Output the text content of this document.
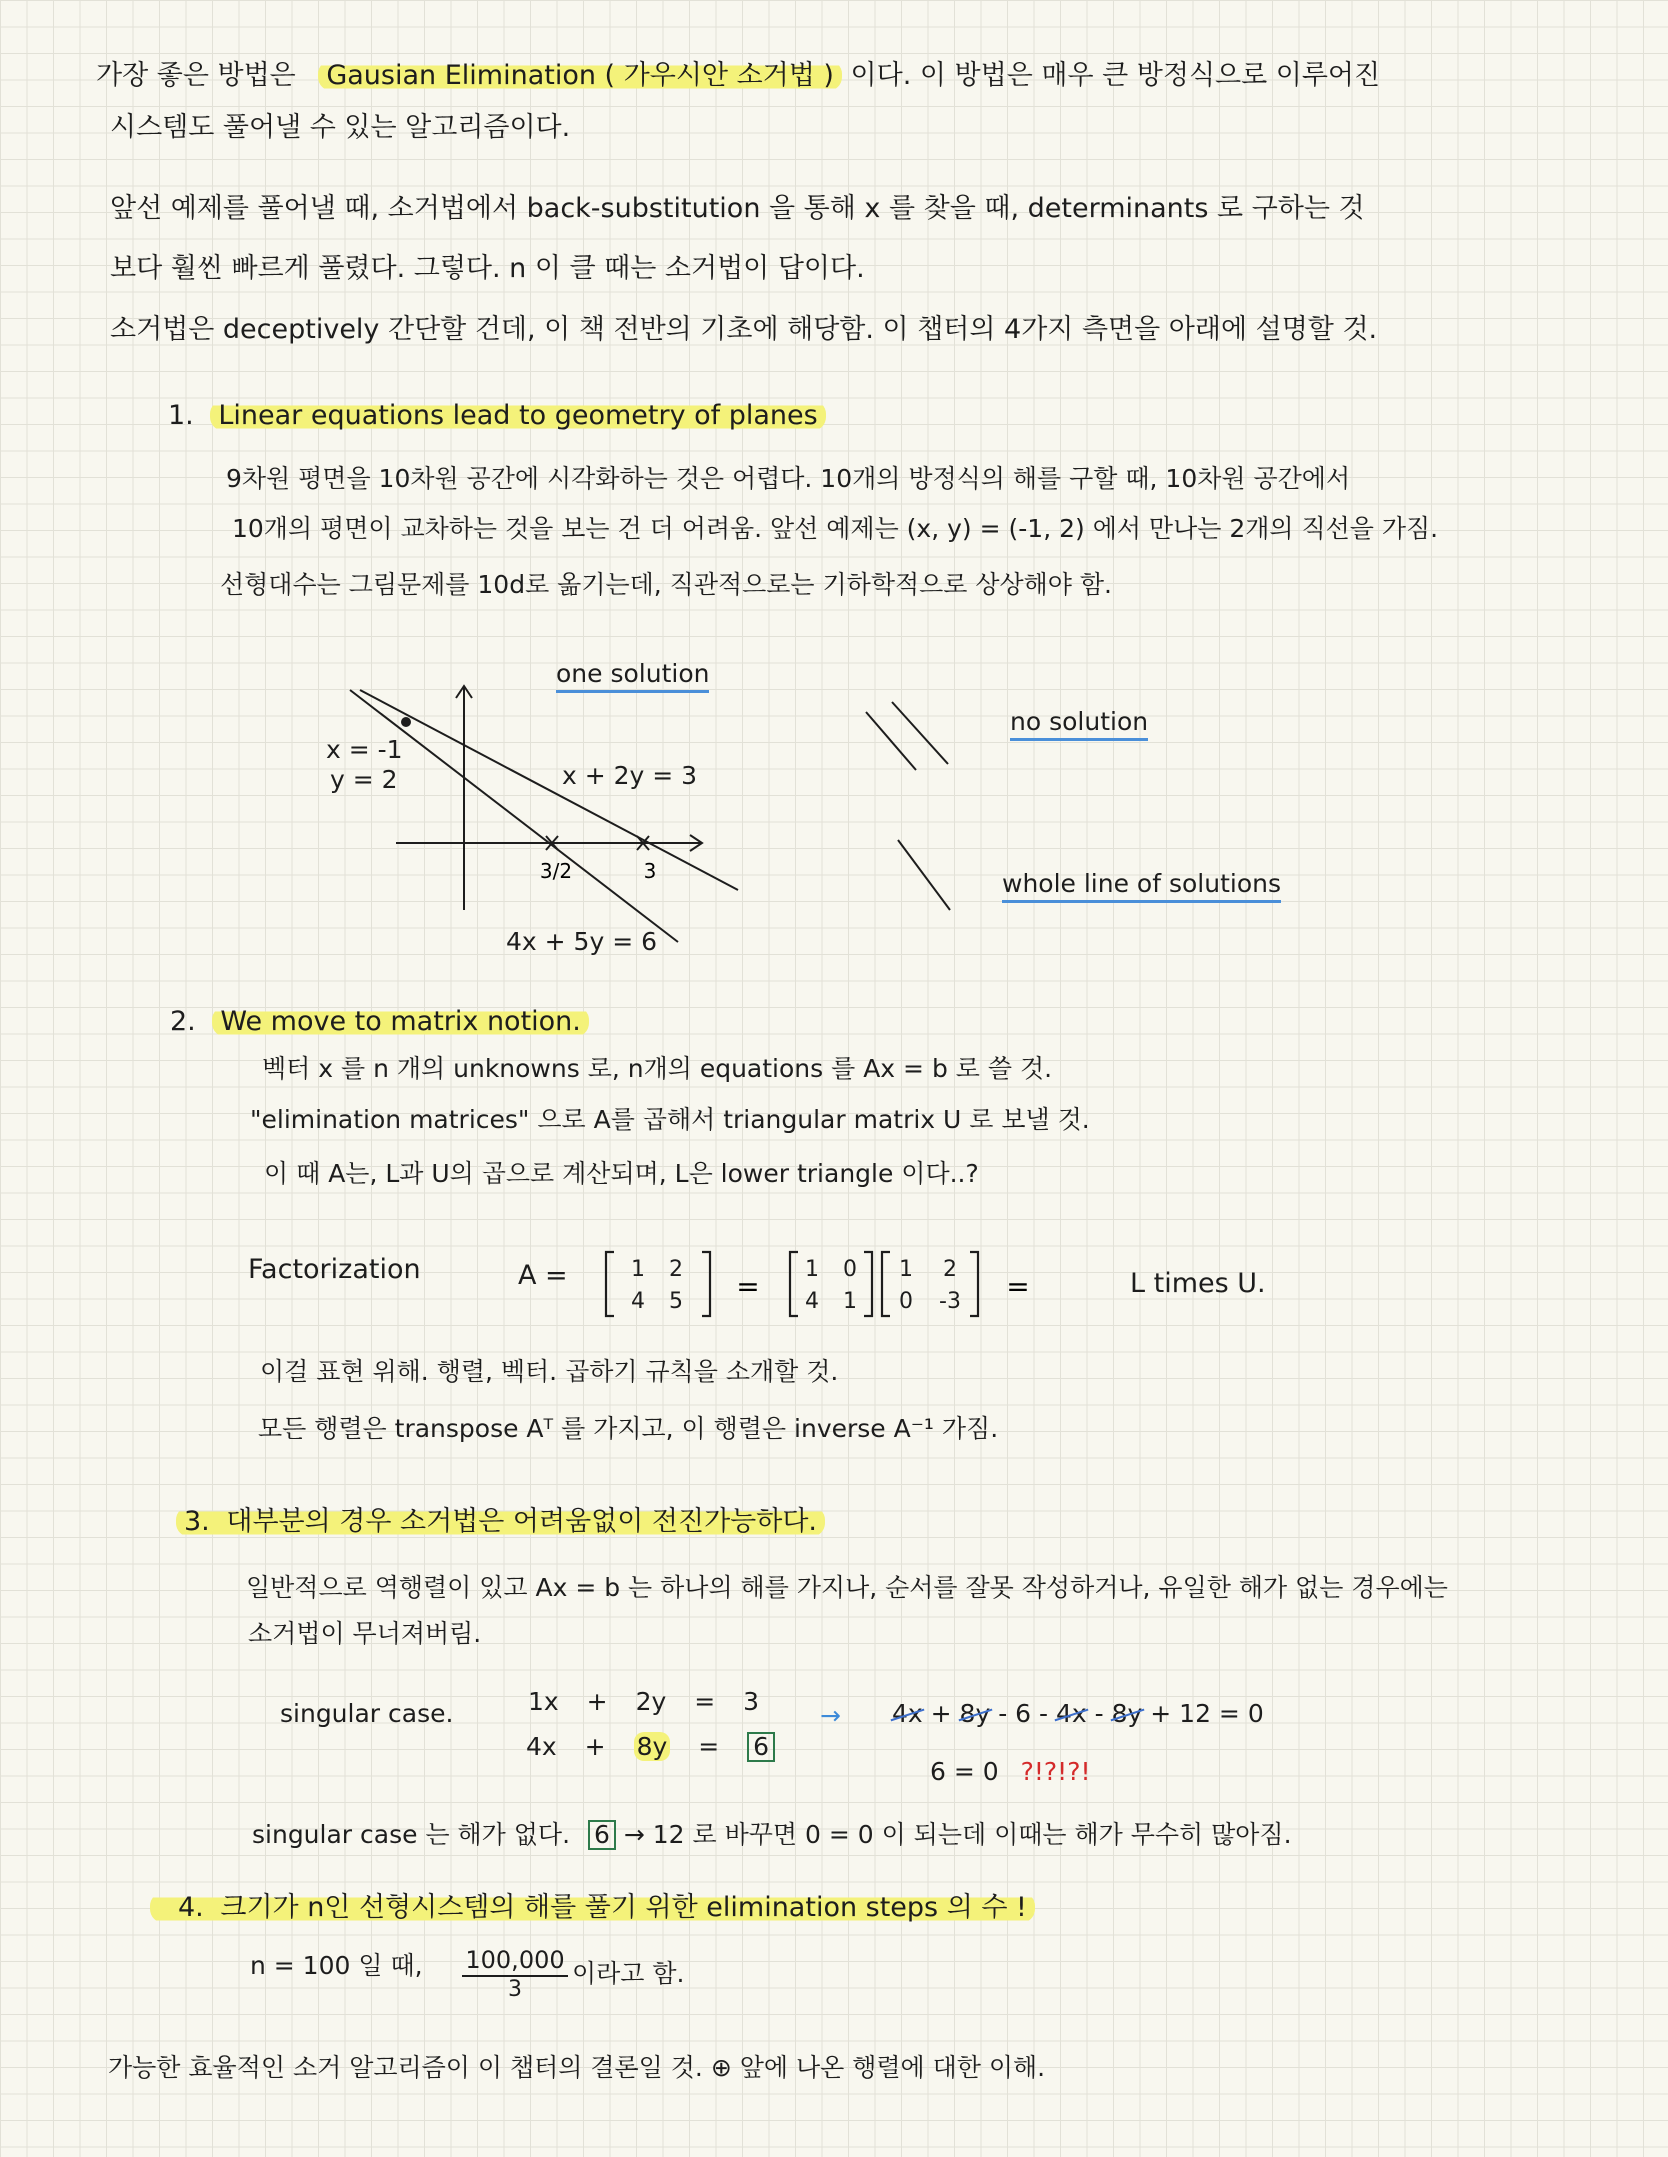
가장 좋은 방법은 Gausian Elimination ( 가우시안 소거법 ) 이다. 이 방법은 매우 큰 방정식으로 이루어진
시스템도 풀어낼 수 있는 알고리즘이다.
앞선 예제를 풀어낼 때, 소거법에서 back-substitution 을 통해 x 를 찾을 때, determinants 로 구하는 것
보다 훨씬 빠르게 풀렸다. 그렇다. n 이 클 때는 소거법이 답이다.
소거법은 deceptively 간단할 건데, 이 책 전반의 기초에 해당함. 이 챕터의 4가지 측면을 아래에 설명할 것.
1. Linear equations lead to geometry of planes
9차원 평면을 10차원 공간에 시각화하는 것은 어렵다. 10개의 방정식의 해를 구할 때, 10차원 공간에서
10개의 평면이 교차하는 것을 보는 건 더 어려움. 앞선 예제는 (x, y) = (-1, 2) 에서 만나는 2개의 직선을 가짐.
선형대수는 그림문제를 10d로 옮기는데, 직관적으로는 기하학적으로 상상해야 함.
3/2	3
one solution
x = -1
y = 2	x + 2y = 3
4x + 5y = 6
no solution
whole line of solutions
2. We move to matrix notion.
벡터 x 를 n 개의 unknowns 로, n개의 equations 를 Ax = b 로 쓸 것.
"elimination matrices" 으로 A를 곱해서 triangular matrix U 로 보낼 것.
이 때 A는, L과 U의 곱으로 계산되며, L은 lower triangle 이다..?
Factorization	A =	1 2
4 5
1 0
4 1
1 2
0 -3
=	=	L times U.
이걸 표현 위해. 행렬, 벡터. 곱하기 규칙을 소개할 것.
모든 행렬은 transpose Aᵀ 를 가지고, 이 행렬은 inverse A⁻¹ 가짐.
3. 대부분의 경우 소거법은 어려움없이 전진가능하다.
일반적으로 역행렬이 있고 Ax = b 는 하나의 해를 가지나, 순서를 잘못 작성하거나, 유일한 해가 없는 경우에는
소거법이 무너져버림.
singular case.	1x + 2y = 3
4x + 8y = 6
→ 4x + 8y - 6 - 4x - 8y + 12 = 0
6 = 0 ?!?!?!
singular case 는 해가 없다. 6 → 12 로 바꾸면 0 = 0 이 되는데 이때는 해가 무수히 많아짐.
4. 크기가 n인 선형시스템의 해를 풀기 위한 elimination steps 의 수 !
n = 100 일 때, $\frac{100,000}{3}$ 이라고 함.
가능한 효율적인 소거 알고리즘이 이 챕터의 결론일 것. ⊕ 앞에 나온 행렬에 대한 이해.
